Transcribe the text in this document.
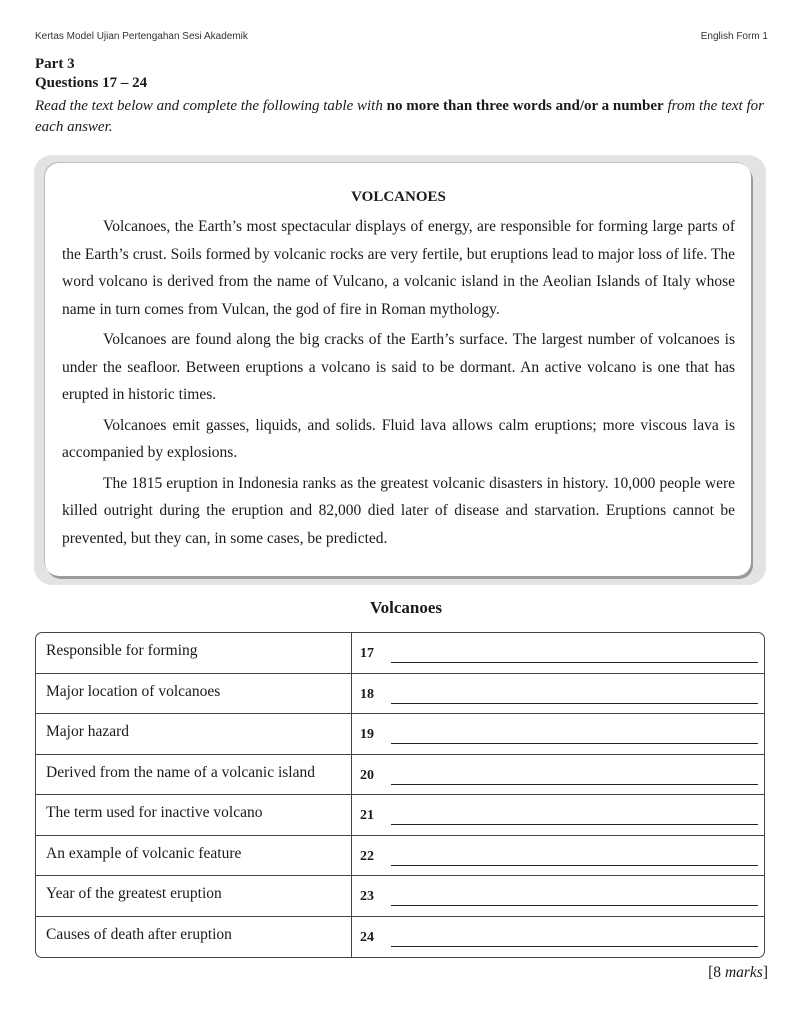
Kertas Model Ujian Pertengahan Sesi Akademik	English Form 1
Part 3
Questions 17 – 24
Read the text below and complete the following table with no more than three words and/or a number from the text for each answer.
VOLCANOES

Volcanoes, the Earth’s most spectacular displays of energy, are responsible for forming large parts of the Earth’s crust. Soils formed by volcanic rocks are very fertile, but eruptions lead to major loss of life. The word volcano is derived from the name of Vulcano, a volcanic island in the Aeolian Islands of Italy whose name in turn comes from Vulcan, the god of fire in Roman mythology.

Volcanoes are found along the big cracks of the Earth’s surface. The largest number of volcanoes is under the seafloor. Between eruptions a volcano is said to be dormant. An active volcano is one that has erupted in historic times.

Volcanoes emit gasses, liquids, and solids. Fluid lava allows calm eruptions; more viscous lava is accompanied by explosions.

The 1815 eruption in Indonesia ranks as the greatest volcanic disasters in history. 10,000 people were killed outright during the eruption and 82,000 died later of disease and starvation. Eruptions cannot be prevented, but they can, in some cases, be predicted.

Volcanoes
Responsible for forming	17
Major location of volcanoes	18
Major hazard	19
Derived from the name of a volcanic island	20
The term used for inactive volcano	21
An example of volcanic feature	22
Year of the greatest eruption	23
Causes of death after eruption	24
[8 marks]
